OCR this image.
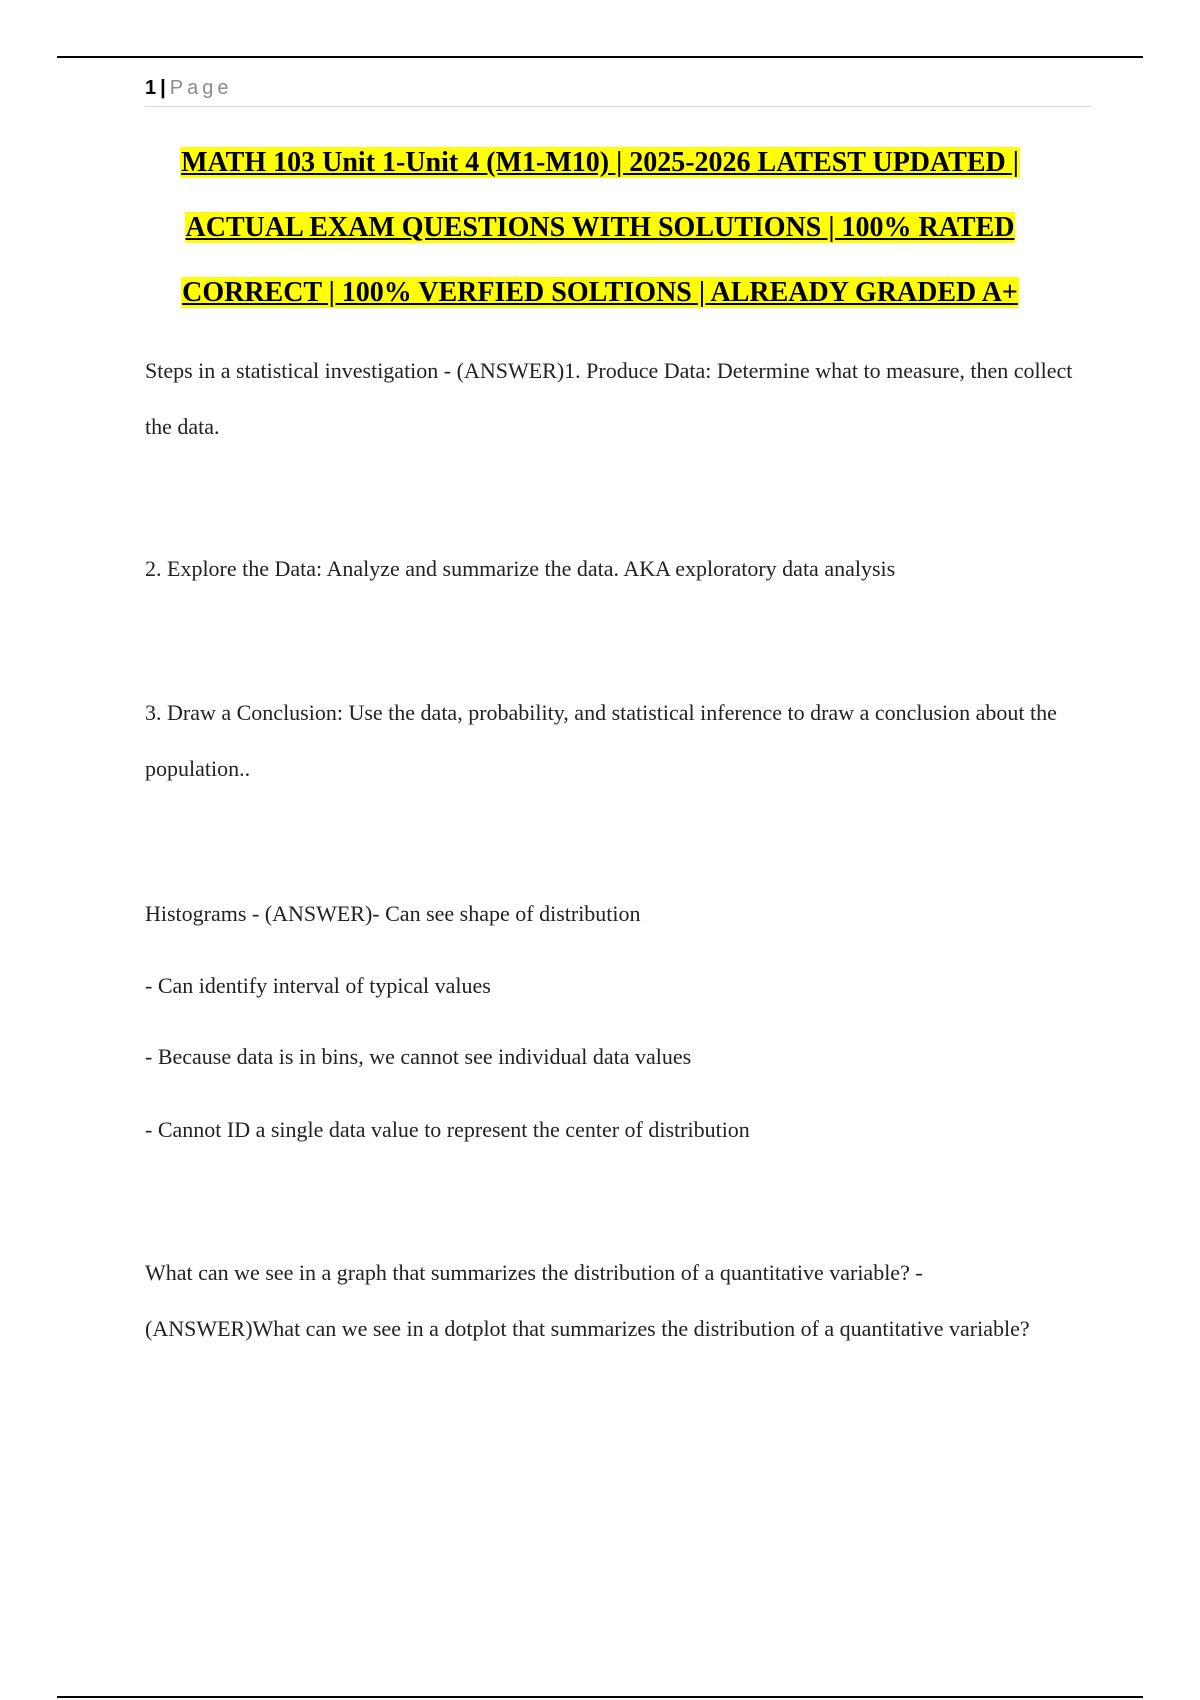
1 | Page
MATH 103 Unit 1-Unit 4 (M1-M10) | 2025-2026 LATEST UPDATED |
ACTUAL EXAM QUESTIONS WITH SOLUTIONS | 100% RATED
CORRECT | 100% VERFIED SOLTIONS | ALREADY GRADED A+
Steps in a statistical investigation - (ANSWER)1. Produce Data: Determine what to measure, then collect the data.
2. Explore the Data: Analyze and summarize the data. AKA exploratory data analysis
3. Draw a Conclusion: Use the data, probability, and statistical inference to draw a conclusion about the population..
Histograms - (ANSWER)- Can see shape of distribution
- Can identify interval of typical values
- Because data is in bins, we cannot see individual data values
- Cannot ID a single data value to represent the center of distribution
What can we see in a graph that summarizes the distribution of a quantitative variable? - (ANSWER)What can we see in a dotplot that summarizes the distribution of a quantitative variable?
